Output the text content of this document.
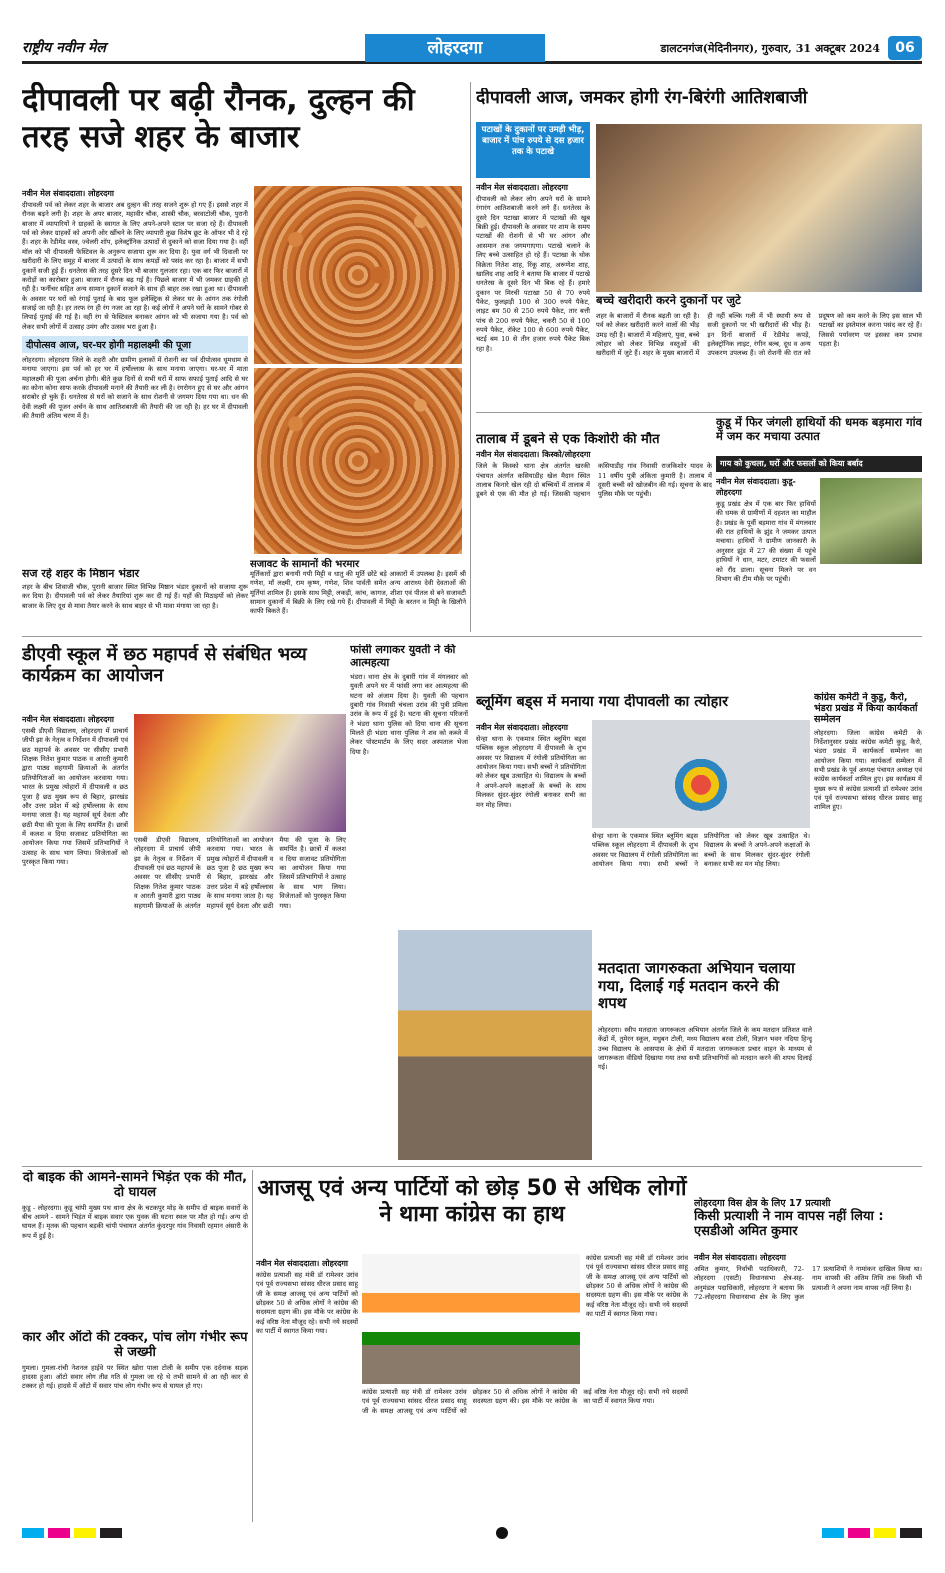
राष्ट्रीय नवीन मेल	लोहरदगा	डालटनगंज(मेदिनीनगर), गुरुवार, 31 अक्टूबर 2024	06
दीपावली पर बढ़ी रौनक, दुल्हन की तरह सजे शहर के बाजार
नवीन मेल संवाददाता। लोहरदगा
दीपावली पर्व को लेकर शहर के बाजार अब दुल्हन की तरह सजने शुरू हो गए हैं। इससे शहर में रौनक बढ़ने लगी है। शहर के अपर बाजार, महावीर चौक, शास्त्री चौक, बरवाटोली चौक, पुरानी बाजार में व्यापारियों ने ग्राहकों के स्वागत के लिए अपने-अपने स्टाल पर सजा रहे हैं। दीपावली पर्व को लेकर ग्राहकों को अपनी ओर खींचने के लिए व्यापारी कुछ विशेष छूट के ऑफर भी दे रहे हैं। शहर के रेडीमेड वस्त्र, ज्वेलरी शॉप, इलेक्ट्रॉनिक उत्पादों से दुकानें को सजा दिया गया है। वहीं मॉल को भी दीपावली फेस्टिवल के अनुरूप सजाया शुरू कर दिया है। युवा वर्ग भी दिवाली पर खरीदारी के लिए समूह में बाजार में उत्पादों के साथ कपड़ों को पसंद कर रहा है। बाजार में सभी दुकानें सजी हुई हैं। धनतेरस की तरह दूसरे दिन भी बाजार गुलजार रहा। एक बार फिर बाजारों में करोड़ों का कारोबार हुआ। बाजार में रौनक बढ़ गई है। पिछले बाजार में भी जमकर ग्राहकी हो रही है। फर्नीचर सहित अन्य सामान दुकानें सजाने के साथ ही बाहर तक रखा हुआ था। दीपावली के अवसर पर घरों को रंगाई पुताई के बाद फूल इलेक्ट्रिक से लेकर घर के आंगन तक रंगोली सजाई जा रही है। हर तरफ रंग ही रंग नजर आ रहा है। कई लोगों ने अपने घरों के सामने गोबर से लिपाई पुताई की गई है। वहीं रंग से फेस्टिवल बनाकर आंगन को भी सजाया गया है। पर्व को लेकर सभी लोगों में उत्साह उमंग और उत्सव भरा हुआ है।
दीपोत्सव आज, घर-घर होगी महालक्ष्मी की पूजा
लोहरदगा। लोहरदगा जिले के शहरी और ग्रामीण इलाकों में रोशनी का पर्व दीपोत्सव धूमधाम से मनाया जाएगा। इस पर्व को हर घर में हर्षोल्लास के साथ मनाया जाएगा। घर-घर में माता महालक्ष्मी की पूजा अर्चना होगी। बीते कुछ दिनों से सभी घरों में साफ सफाई पुताई आदि से घर का कोना कोना साफ करके दीपावली मनाने की तैयारी कर ली है। रंगरोगन हुए से घर और आंगन सराबोर हो चुके हैं। धनतेरस से घरों को सजाने के साथ रोशनी से जगमग दिया गया था। धन की देवी लक्ष्मी की पूजन अर्चन के साथ आतिशबाजी की तैयारी की जा रही है। हर घर में दीपावली की तैयारी अंतिम चरण में है।
सज रहे शहर के मिष्ठान भंडार
शहर के बीच शिवाजी चौक, पुरानी बाजार स्थित विभिन्न मिष्ठान भंडार दुकानों को सजाया शुरू कर दिया है। दीपावली पर्व को लेकर तैयारियां शुरू कर दी गई हैं। यहाँ की मिठाइयों को लेकर बाजार के लिए दूध से मावा तैयार करने के साथ बाहर से भी मावा मंगाया जा रहा है।
सजावट के सामानों की भरमार
मूर्तिकारों द्वारा बनायी गयी मिट्टी व धातु की मूर्ति छोटे बड़े आकारों में उपलब्ध है। इसमें श्री गणेश, माँ लक्ष्मी, राम कृष्ण, गणेश, शिव पार्वती समेत अन्य आराध्य देवी देवताओं की मूर्तियां शामिल हैं। इसके साथ मिट्टी, लकड़ी, कांच, कागज, शीशा एवं पीतल से बने सजावटी सामान दुकानों में बिक्री के लिए रखे गये हैं। दीपावली में मिट्टी के बरतन व मिट्टी के खिलौने काफी बिकते हैं।
दीपावली आज, जमकर होगी रंग-बिरंगी आतिशबाजी
पटाखों के दुकानों पर उमड़ी भीड़, बाजार में पांच रुपये से दस हजार तक के पटाखे
नवीन मेल संवाददाता। लोहरदगा
दीपावली को लेकर लोग अपने घरों के सामने रंगारंग आतिशबाजी करने लगे हैं। धनतेरस के दूसरे दिन पटाखा बाजार में पटाखों की खूब बिक्री हुई। दीपावली के अवसर पर शाम के समय पटाखों की रोशनी से भी घर आंगन और आसमान तक जगमगाएगा। पटाखे चलाने के लिए बच्चे उत्साहित हो रहे हैं। पटाखा के थोक विक्रेता नितेश शाह, रिंकू शाह, अरूणेश शाह, खालिद शाह आदि ने बताया कि बाजार में पटाखे धनतेरस के दूसरे दिन भी बिक रहे हैं। हमारे दुकान पर मिरची पटाखा 50 से 70 रुपये पैकेट, फुलझड़ी 100 से 300 रुपये पैकेट, लाइट बम 50 से 250 रुपये पैकेट, तार बत्ती पांच से 200 रुपये पैकेट, चकरी 50 से 100 रुपये पैकेट, रॉकेट 100 से 600 रुपये पैकेट, चटई बम 10 से तीन हजार रुपये पैकेट बिक रहा है।
बच्चे खरीदारी करने दुकानों पर जुटे
शहर के बाजारों में रौनक बढ़ती जा रही है। पर्व को लेकर खरीदारी करने वालों की भीड़ उमड़ रही है। बाजारों में महिलाएं, युवा, बच्चे त्योहार को लेकर विभिन्न वस्तुओं की खरीदारी में जुटे हैं। शहर के मुख्य बाजारों में ही नहीं बल्कि गली में भी स्थायी रूप से सजी दुकानों पर भी खरीदारों की भीड़ है। इन दिनों बाजारों में रेडीमेड कपड़े, इलेक्ट्रॉनिक लाइट, रंगीन बल्ब, दूध व अन्य उपकरण उपलब्ध हैं। जो रोशनी की रात को प्रदूषण को कम करने के लिए इस साल भी पटाखों का इस्तेमाल करना पसंद कर रहे हैं। जिससे पर्यावरण पर इसका कम प्रभाव पड़ता है।
तालाब में डूबने से एक किशोरी की मौत
नवीन मेल संवाददाता। किस्को/लोहरदगा
जिले के किस्को थाना क्षेत्र अंतर्गत खरकी पंचायत अंतर्गत कसियाडीह खेल मैदान स्थित तालाब किनारे खेल रही दो बच्चियों में तालाब में डूबने से एक की मौत हो गई। जिसकी पहचान कसियाडीह गांव निवासी राजकिशोर यादव के 11 वर्षीय पुत्री अंकिता कुमारी है। तालाब में दूसरी बच्ची को खोजबीन की गई। सूचना के बाद पुलिस मौके पर पहुंची।
कुडू में फिर जंगली हाथियों की धमक बड़मारा गांव में जम कर मचाया उत्पात
गाय को कुचला, घरों और फसलों को किया बर्बाद
नवीन मेल संवाददाता। कुडू-लोहरदगा
कुडू प्रखंड क्षेत्र में एक बार फिर हाथियों की धमक से ग्रामीणों में दहशत का माहौल है। प्रखंड के पूर्वी बड़मारा गांव में मंगलवार की रात हाथियों के झुंड ने जमकर उत्पात मचाया। हाथियों ने ग्रामीण जानकारी के अनुसार झुंड में 27 की संख्या में पहुंचे हाथियों ने धान, मटर, टमाटर की फसलों को रौंद डाला। सूचना मिलने पर वन विभाग की टीम मौके पर पहुंची।
डीएवी स्कूल में छठ महापर्व से संबंधित भव्य कार्यक्रम का आयोजन
नवीन मेल संवाददाता। लोहरदगा
एसबी डीएवी विद्यालय, लोहरदगा में प्राचार्य जीपी झा के नेतृत्व व निर्देशन में दीपावली एवं छठ महापर्व के अवसर पर सीसीए प्रभारी शिक्षक नितेश कुमार पाठक व आरती कुमारी द्वारा पाठ्य सहगामी क्रियाओं के अंतर्गत प्रतियोगिताओं का आयोजन करवाया गया। भारत के प्रमुख त्योहारों में दीपावली व छठ पूजा है छठ मुख्य रूप से बिहार, झारखंड और उत्तर प्रदेश में बड़े हर्षोल्लास के साथ मनाया जाता है। यह महापर्व सूर्य देवता और छठी मैया की पूजा के लिए समर्पित है। छात्रों में कलश व दिया सजावट प्रतियोगिता का आयोजन किया गया जिसमें प्रतिभागियों ने उत्साह के साथ भाग लिया। विजेताओं को पुरस्कृत किया गया।
एसबी डीएवी विद्यालय, लोहरदगा में प्राचार्य जीपी झा के नेतृत्व व निर्देशन में दीपावली एवं छठ महापर्व के अवसर पर सीसीए प्रभारी शिक्षक नितेश कुमार पाठक व आरती कुमारी द्वारा पाठ्य सहगामी क्रियाओं के अंतर्गत प्रतियोगिताओं का आयोजन करवाया गया। भारत के प्रमुख त्योहारों में दीपावली व छठ पूजा है छठ मुख्य रूप से बिहार, झारखंड और उत्तर प्रदेश में बड़े हर्षोल्लास के साथ मनाया जाता है। यह महापर्व सूर्य देवता और छठी मैया की पूजा के लिए समर्पित है। छात्रों में कलश व दिया सजावट प्रतियोगिता का आयोजन किया गया जिसमें प्रतिभागियों ने उत्साह के साथ भाग लिया। विजेताओं को पुरस्कृत किया गया।
फांसी लगाकर युवती ने की आत्महत्या
भंडरा। थाना क्षेत्र के दुबारी गांव में मंगलवार को युवती अपने घर में फांसी लगा कर आत्महत्या की घटना को अंजाम दिया है। युवती की पहचान दुबारी गांव निवासी चंचला उरांव की पुत्री प्रमिला उरांव के रूप में हुई है। घटना की सूचना परिजनों ने भंडरा थाना पुलिस को दिया थाना की सूचना मिलते ही भंडरा थाना पुलिस ने शव को कब्जे में लेकर पोस्टमार्टम के लिए सदर अस्पताल भेजा दिया है।
ब्लूमिंग बड्स में मनाया गया दीपावली का त्योहार
नवीन मेल संवाददाता। लोहरदगा
सेन्हा थाना के एकमात्र स्थित ब्लूमिंग बड्स पब्लिक स्कूल लोहरदगा में दीपावली के शुभ अवसर पर विद्यालय में रंगोली प्रतियोगिता का आयोजन किया गया। सभी बच्चों ने प्रतियोगिता को लेकर खूब उत्साहित थे। विद्यालय के बच्चों ने अपने-अपने कक्षाओं के बच्चों के साथ मिलकर सुंदर-सुंदर रंगोली बनाकर सभी का मन मोह लिया।
सेन्हा थाना के एकमात्र स्थित ब्लूमिंग बड्स पब्लिक स्कूल लोहरदगा में दीपावली के शुभ अवसर पर विद्यालय में रंगोली प्रतियोगिता का आयोजन किया गया। सभी बच्चों ने प्रतियोगिता को लेकर खूब उत्साहित थे। विद्यालय के बच्चों ने अपने-अपने कक्षाओं के बच्चों के साथ मिलकर सुंदर-सुंदर रंगोली बनाकर सभी का मन मोह लिया।
कांग्रेस कमेटी ने कुडू, कैरो, भंडरा प्रखंड में किया कार्यकर्ता सम्मेलन
लोहरदगा। जिला कांग्रेस कमेटी के निर्देशानुसार प्रखंड कांग्रेस कमेटी कुडू, कैरो, भंडरा प्रखंड में कार्यकर्ता सम्मेलन का आयोजन किया गया। कार्यकर्ता सम्मेलन में सभी प्रखंड के पूर्व अध्यक्ष पंचायत अध्यक्ष एवं कांग्रेस कार्यकर्ता शामिल हुए। इस कार्यक्रम में मुख्य रूप से कांग्रेस प्रत्याशी डॉ रामेश्वर उरांव एवं पूर्व राज्यसभा सांसद धीरज प्रसाद साहू शामिल हुए।
मतदाता जागरुकता अभियान चलाया गया, दिलाई गई मतदान करने की शपथ
लोहरदगा। स्वीप मतदाता जागरूकता अभियान अंतर्गत जिले के कम मतदान प्रतिशत वाले केंद्रों में, तुमेरन स्कूल, मधुबन टोली, मध्य विद्यालय बरवा टोली, विज्ञान भवन नदिया हिन्दू उच्च विद्यालय के आसपास के क्षेत्रों में मतदाता जागरूकता प्रचार वाहन के माध्यम से जागरूकता वीडियो दिखाया गया तथा सभी प्रतिभागियों को मतदान करने की शपथ दिलाई गई।
दो बाइक की आमने-सामने भिड़ंत एक की मौत, दो घायल
कुडू - लोहरदगा। कुडू चांपी मुख्य पथ थाना क्षेत्र के चटकपुर मोड़ के समीप दो बाइक सवारों के बीच आमने - सामने भिड़ंत में बाइक सवार एक युवक की घटना स्थल पर मौत हो गई। अन्य दो घायल हैं। मृतक की पहचान बड़की चांपी पंचायत अंतर्गत कुंदरपुर गांव निवासी रहमान अंसारी के रूप में हुई है।
कार और ऑटो की टक्कर, पांच लोग गंभीर रूप से जख्मी
गुमला। गुमला-रांची नेशनल हाईवे पर स्थित खोरा पाला टोली के समीप एक दर्दनाक सड़क हादसा हुआ। ऑटो सवार लोग तीव्र गति से गुमला जा रहे थे तभी सामने से आ रही कार से टक्कर हो गई। हादसे में ऑटो में सवार पांच लोग गंभीर रूप से घायल हो गए।
आजसू एवं अन्य पार्टियों को छोड़ 50 से अधिक लोगों ने थामा कांग्रेस का हाथ
नवीन मेल संवाददाता। लोहरदगा
कांग्रेस प्रत्याशी सह मंत्री डॉ रामेश्वर उरांव एवं पूर्व राज्यसभा सांसद धीरज प्रसाद साहू जी के समक्ष आजसू एवं अन्य पार्टियों को छोड़कर 50 से अधिक लोगों ने कांग्रेस की सदस्यता ग्रहण की। इस मौके पर कांग्रेस के कई वरिष्ठ नेता मौजूद रहे। सभी नये सदस्यों का पार्टी में स्वागत किया गया।
कांग्रेस प्रत्याशी सह मंत्री डॉ रामेश्वर उरांव एवं पूर्व राज्यसभा सांसद धीरज प्रसाद साहू जी के समक्ष आजसू एवं अन्य पार्टियों को छोड़कर 50 से अधिक लोगों ने कांग्रेस की सदस्यता ग्रहण की। इस मौके पर कांग्रेस के कई वरिष्ठ नेता मौजूद रहे। सभी नये सदस्यों का पार्टी में स्वागत किया गया।
कांग्रेस प्रत्याशी सह मंत्री डॉ रामेश्वर उरांव एवं पूर्व राज्यसभा सांसद धीरज प्रसाद साहू जी के समक्ष आजसू एवं अन्य पार्टियों को छोड़कर 50 से अधिक लोगों ने कांग्रेस की सदस्यता ग्रहण की। इस मौके पर कांग्रेस के कई वरिष्ठ नेता मौजूद रहे। सभी नये सदस्यों का पार्टी में स्वागत किया गया।
लोहरदगा विस क्षेत्र के लिए 17 प्रत्याशी
किसी प्रत्याशी ने नाम वापस नहीं लिया : एसडीओ अमित कुमार
नवीन मेल संवाददाता। लोहरदगा
अमित कुमार, निर्वाची पदाधिकारी, 72-लोहरदगा (एसटी) विधानसभा क्षेत्र-सह-अनुमंडल पदाधिकारी, लोहरदगा ने बताया कि 72-लोहरदगा विधानसभा क्षेत्र के लिए कुल 17 प्रत्याशियों ने नामांकन दाखिल किया था। नाम वापसी की अंतिम तिथि तक किसी भी प्रत्याशी ने अपना नाम वापस नहीं लिया है।
